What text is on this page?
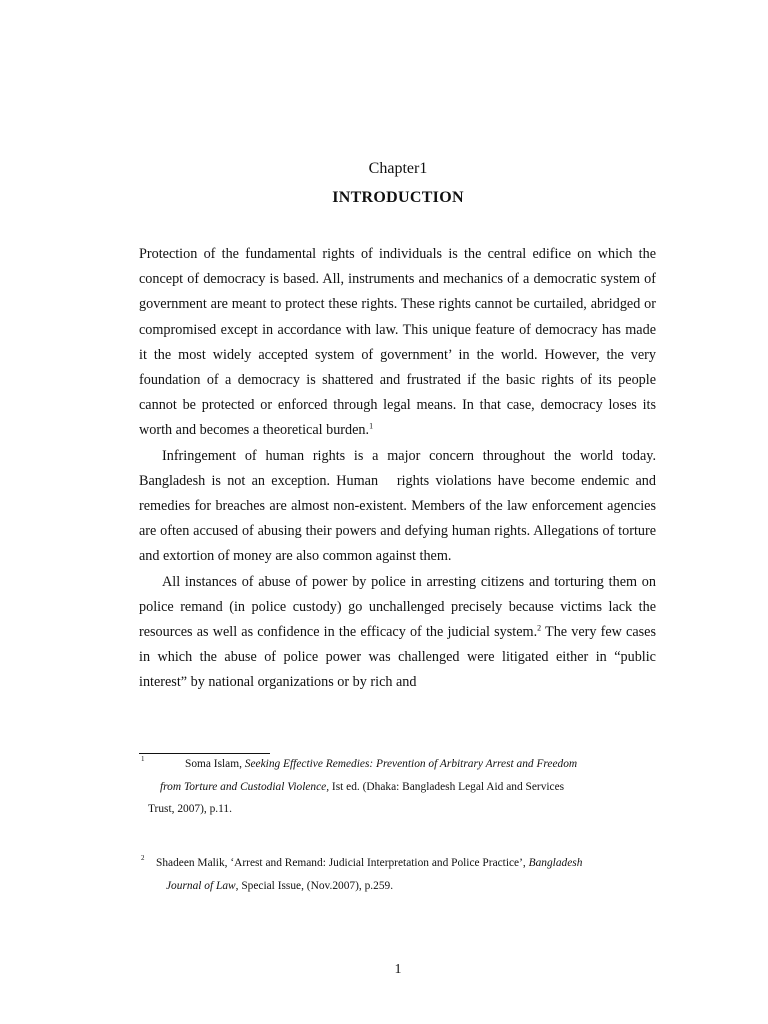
Chapter1
INTRODUCTION

Protection of the fundamental rights of individuals is the central edifice on which the concept of democracy is based. All, instruments and mechanics of a democratic system of government are meant to protect these rights. These rights cannot be curtailed, abridged or compromised except in accordance with law. This unique feature of democracy has made it the most widely accepted system of government’ in the world. However, the very foundation of a democracy is shattered and frustrated if the basic rights of its people cannot be protected or enforced through legal means. In that case, democracy loses its worth and becomes a theoretical burden.$^1$

Infringement of human rights is a major concern throughout the world today. Bangladesh is not an exception. Human   rights violations have become endemic and remedies for breaches are almost non-existent. Members of the law enforcement agencies are often accused of abusing their powers and defying human rights. Allegations of torture and extortion of money are also common against them.

All instances of abuse of power by police in arresting citizens and torturing them on police remand (in police custody) go unchallenged precisely because victims lack the resources as well as confidence in the efficacy of the judicial system.$^2$ The very few cases in which the abuse of police power was challenged were litigated either in “public interest” by national organizations or by rich and

1	Soma Islam, Seeking Effective Remedies: Prevention of Arbitrary Arrest and Freedom
from Torture and Custodial Violence, Ist ed. (Dhaka: Bangladesh Legal Aid and Services
Trust, 2007), p.11.
2	Shadeen Malik, ‘Arrest and Remand: Judicial Interpretation and Police Practice’, Bangladesh
Journal of Law, Special Issue, (Nov.2007), p.259.
1
